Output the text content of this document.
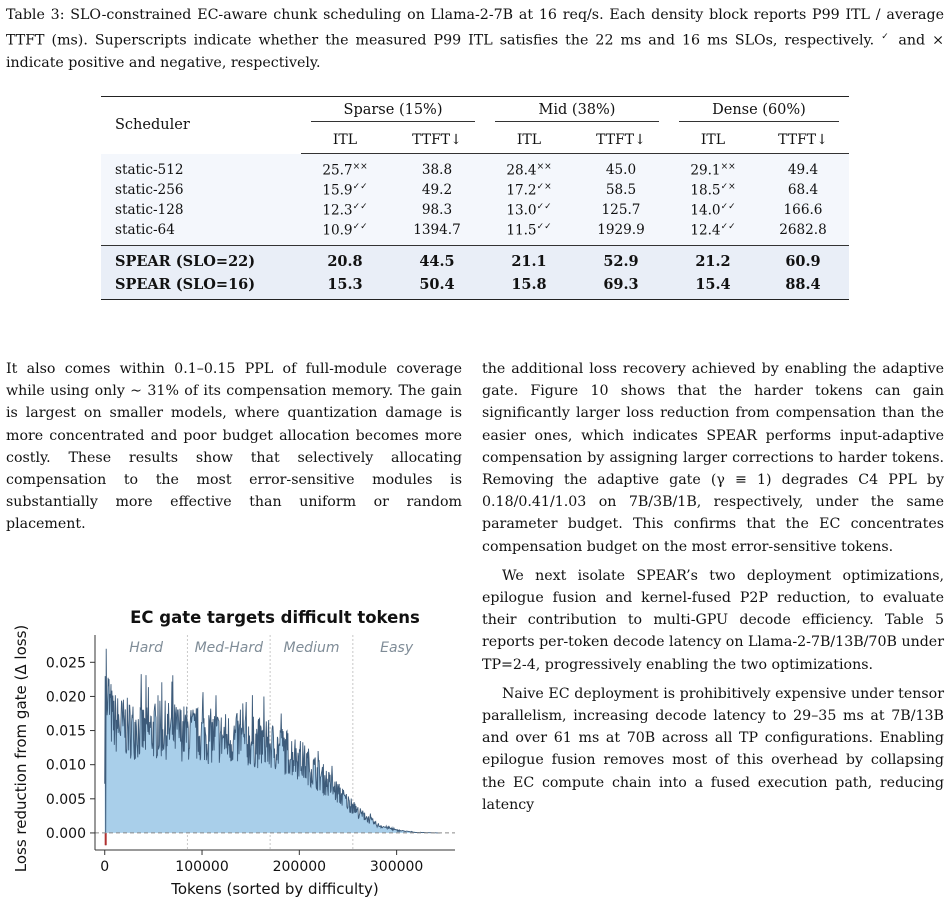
Table 3: SLO-constrained EC-aware chunk scheduling on Llama-2-7B at 16 req/s. Each density block reports P99 ITL / average TTFT (ms). Superscripts indicate whether the measured P99 ITL satisfies the 22 ms and 16 ms SLOs, respectively. ✓ and × indicate positive and negative, respectively.
Scheduler	Sparse (15%)		Mid (38%)		Dense (60%)	

	ITL	TTFT↓	ITL	TTFT↓	ITL	TTFT↓
static-512	25.7××	38.8	28.4××	45.0	29.1××	49.4
static-256	15.9✓✓	49.2	17.2✓×	58.5	18.5✓×	68.4
static-128	12.3✓✓	98.3	13.0✓✓	125.7	14.0✓✓	166.6
static-64	10.9✓✓	1394.7	11.5✓✓	1929.9	12.4✓✓	2682.8
SPEAR (SLO=22)	20.8	44.5	21.1	52.9	21.2	60.9
SPEAR (SLO=16)	15.3	50.4	15.8	69.3	15.4	88.4

It also comes within 0.1–0.15 PPL of full-module coverage while using only ∼ 31% of its compensation memory. The gain is largest on smaller models, where quantization damage is more concentrated and poor budget allocation becomes more costly. These results show that selectively allocating compensation to the most error-sensitive modules is substantially more effective than uniform or random placement.

EC gate targets difficult tokens
Hard Med-Hard Medium	Easy
0.000
0.005
0.010
0.015
0.020
0.025
0	100000	200000	300000
Tokens (sorted by difficulty)
Loss reduction from gate (Δ loss)

the additional loss recovery achieved by enabling the adaptive gate. Figure 10 shows that the harder tokens can gain significantly larger loss reduction from compensation than the easier ones, which indicates SPEAR performs input-adaptive compensation by assigning larger corrections to harder tokens. Removing the adaptive gate (γ ≡ 1) degrades C4 PPL by 0.18/0.41/1.03 on 7B/3B/1B, respectively, under the same parameter budget. This confirms that the EC concentrates compensation budget on the most error-sensitive tokens.

We next isolate SPEAR’s two deployment optimizations, epilogue fusion and kernel-fused P2P reduction, to evaluate their contribution to multi-GPU decode efficiency. Table 5 reports per-token decode latency on Llama-2-7B/13B/70B under TP=2-4, progressively enabling the two optimizations.

Naive EC deployment is prohibitively expensive under tensor parallelism, increasing decode latency to 29–35 ms at 7B/13B and over 61 ms at 70B across all TP configurations. Enabling epilogue fusion removes most of this overhead by collapsing the EC compute chain into a fused execution path, reducing latency
